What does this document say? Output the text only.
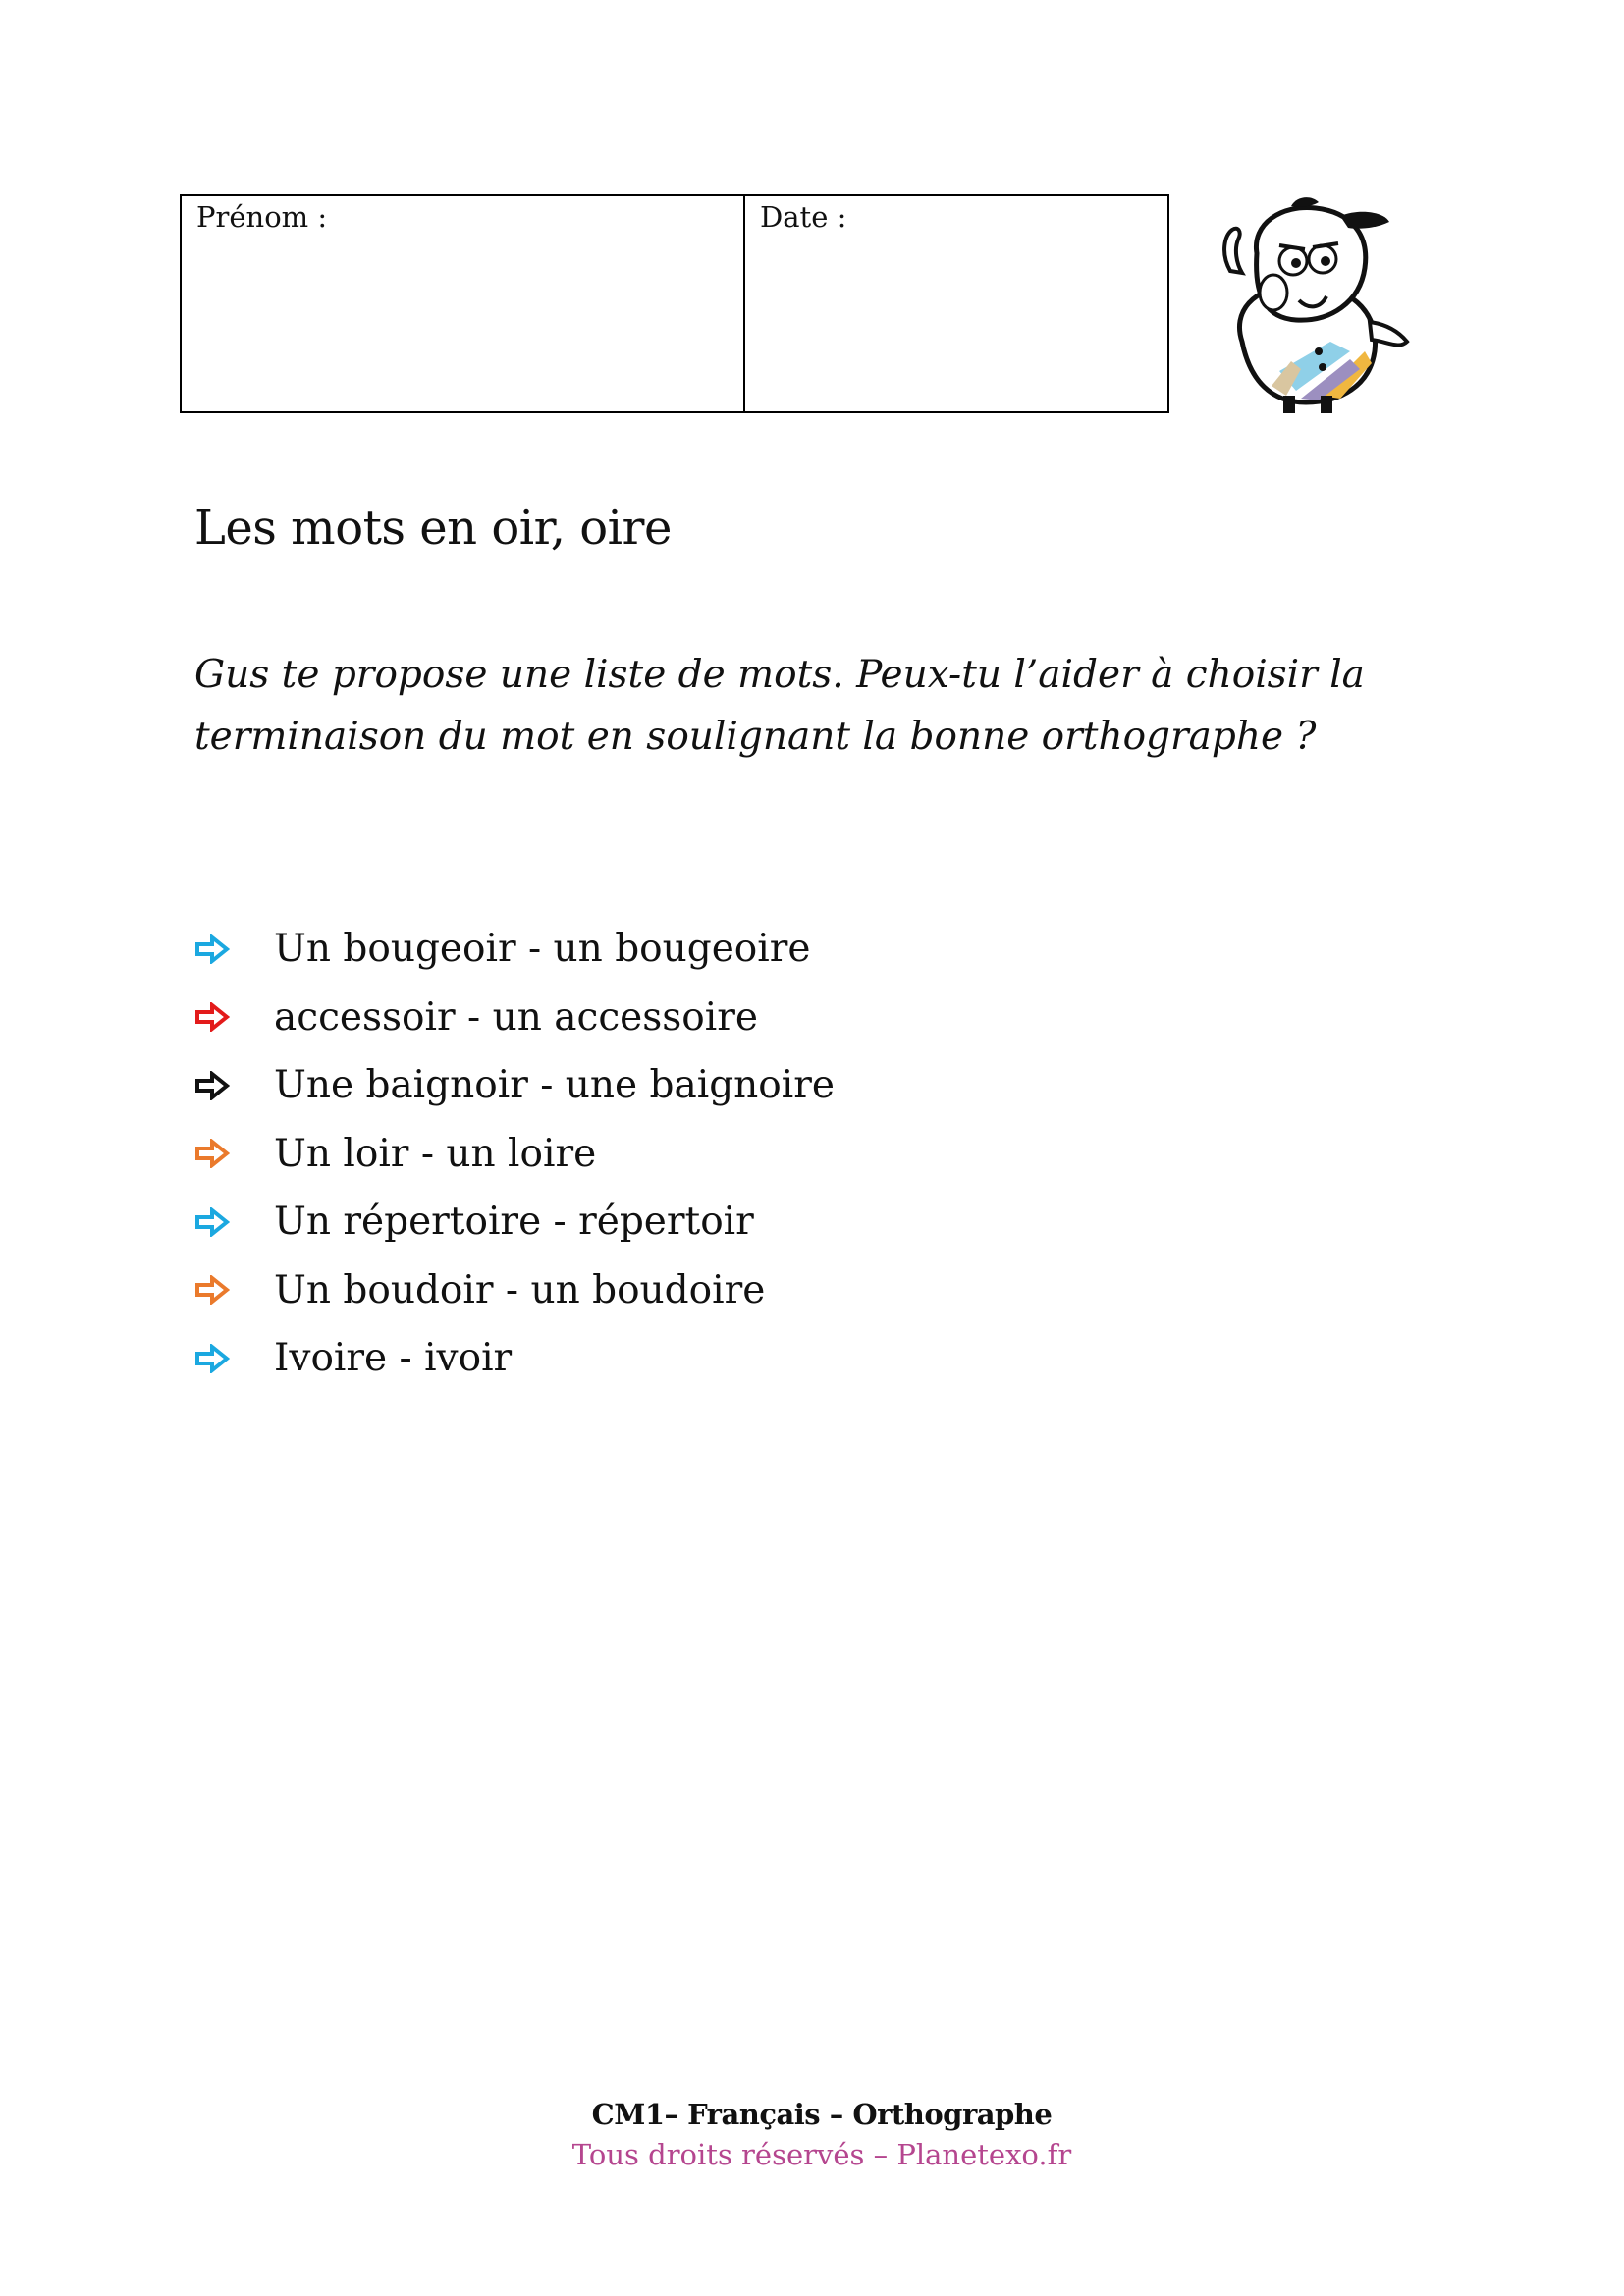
Prénom :	Date :
Les mots en oir, oire

Gus te propose une liste de mots. Peux-tu l’aider à choisir la terminaison du mot en soulignant la bonne orthographe ?

Un bougeoir - un bougeoire
accessoir - un accessoire
Une baignoir - une baignoire
Un loir - un loire
Un répertoire - répertoir
Un boudoir - un boudoire
Ivoire - ivoir
CM1– Français – Orthographe
Tous droits réservés – Planetexo.fr
